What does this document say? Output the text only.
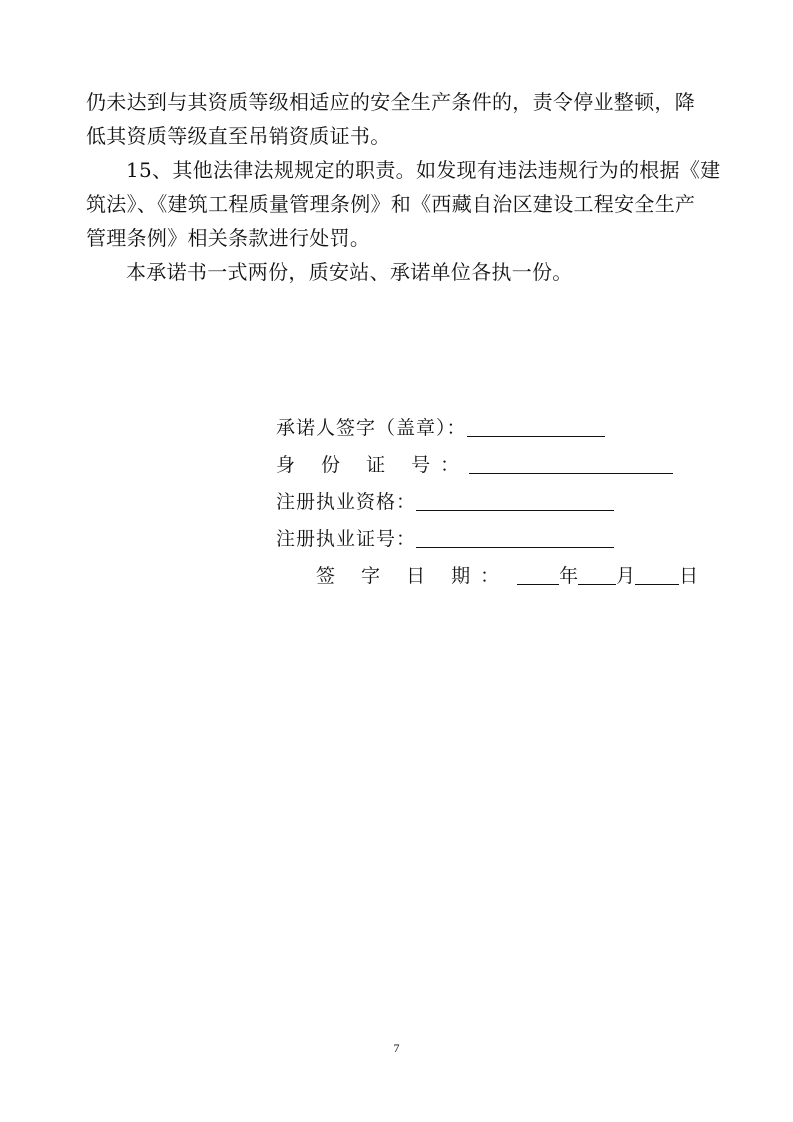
仍未达到与其资质等级相适应的安全生产条件的，责令停业整顿，降
低其资质等级直至吊销资质证书。
15、其他法律法规规定的职责。如发现有违法违规行为的根据《建
筑法》、《建筑工程质量管理条例》和《西藏自治区建设工程安全生产
管理条例》相关条款进行处罚。
本承诺书一式两份，质安站、承诺单位各执一份。
承诺人签字（盖章）：
身 份 证 号：
注册执业资格：
注册执业证号：
签 字 日 期：	年 月 日
7
